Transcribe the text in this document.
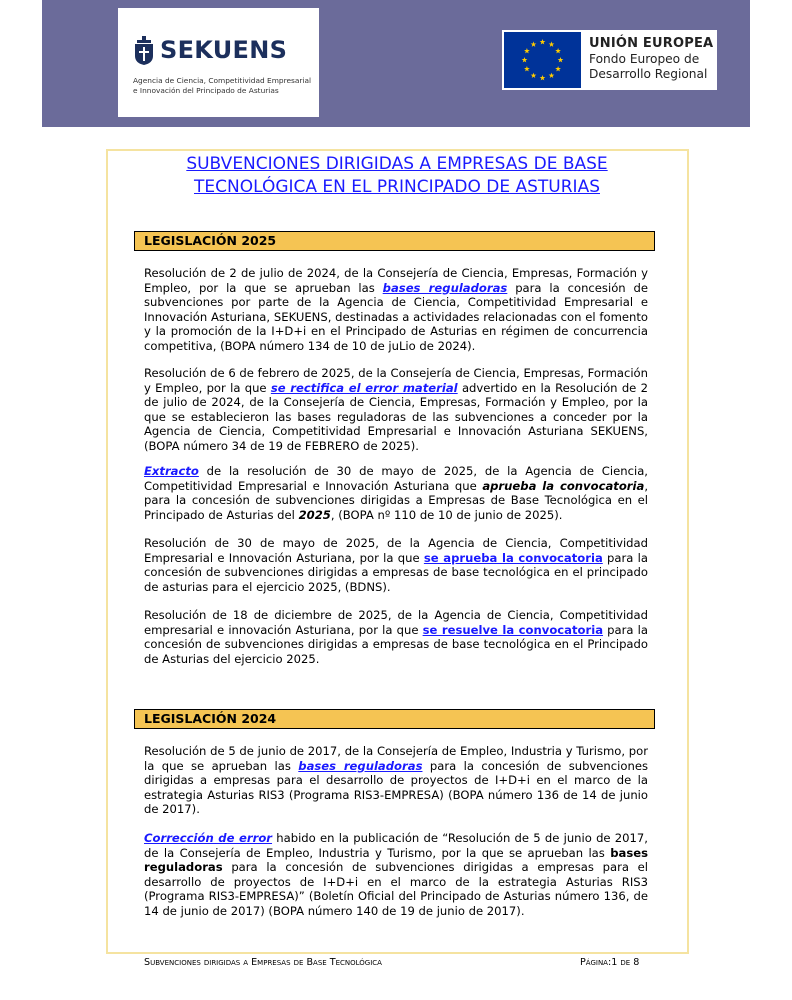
SEKUENS
Agencia de Ciencia, Competitividad Empresarial
e Innovación del Principado de Asturias
UNIÓN EUROPEA
Fondo Europeo de
Desarrollo Regional
SUBVENCIONES DIRIGIDAS A EMPRESAS DE BASE
TECNOLÓGICA EN EL PRINCIPADO DE ASTURIAS
LEGISLACIÓN 2025
Resolución de 2 de julio de 2024, de la Consejería de Ciencia, Empresas, Formación y Empleo, por la que se aprueban las bases reguladoras para la concesión de subvenciones por parte de la Agencia de Ciencia, Competitividad Empresarial e Innovación Asturiana, SEKUENS, destinadas a actividades relacionadas con el fomento y la promoción de la I+D+i en el Principado de Asturias en régimen de concurrencia competitiva, (BOPA número 134 de 10 de juLio de 2024).
Resolución de 6 de febrero de 2025, de la Consejería de Ciencia, Empresas, Formación y Empleo, por la que se rectifica el error material advertido en la Resolución de 2 de julio de 2024, de la Consejería de Ciencia, Empresas, Formación y Empleo, por la que se establecieron las bases reguladoras de las subvenciones a conceder por la Agencia de Ciencia, Competitividad Empresarial e Innovación Asturiana SEKUENS, (BOPA número 34 de 19 de FEBRERO de 2025).
Extracto de la resolución de 30 de mayo de 2025, de la Agencia de Ciencia, Competitividad Empresarial e Innovación Asturiana que aprueba la convocatoria, para la concesión de subvenciones dirigidas a Empresas de Base Tecnológica en el Principado de Asturias del 2025, (BOPA nº 110 de 10 de junio de 2025).
Resolución de 30 de mayo de 2025, de la Agencia de Ciencia, Competitividad Empresarial e Innovación Asturiana, por la que se aprueba la convocatoria para la concesión de subvenciones dirigidas a empresas de base tecnológica en el principado de asturias para el ejercicio 2025, (BDNS).
Resolución de 18 de diciembre de 2025, de la Agencia de Ciencia, Competitividad empresarial e innovación Asturiana, por la que se resuelve la convocatoria para la concesión de subvenciones dirigidas a empresas de base tecnológica en el Principado de Asturias del ejercicio 2025.
LEGISLACIÓN 2024
Resolución de 5 de junio de 2017, de la Consejería de Empleo, Industria y Turismo, por la que se aprueban las bases reguladoras para la concesión de subvenciones dirigidas a empresas para el desarrollo de proyectos de I+D+i en el marco de la estrategia Asturias RIS3 (Programa RIS3-EMPRESA) (BOPA número 136 de 14 de junio de 2017).
Corrección de error habido en la publicación de “Resolución de 5 de junio de 2017, de la Consejería de Empleo, Industria y Turismo, por la que se aprueban las bases reguladoras para la concesión de subvenciones dirigidas a empresas para el desarrollo de proyectos de I+D+i en el marco de la estrategia Asturias RIS3 (Programa RIS3-EMPRESA)” (Boletín Oficial del Principado de Asturias número 136, de 14 de junio de 2017) (BOPA número 140 de 19 de junio de 2017).
Subvenciones dirigidas a Empresas de Base Tecnológica	Página:1 de 8
